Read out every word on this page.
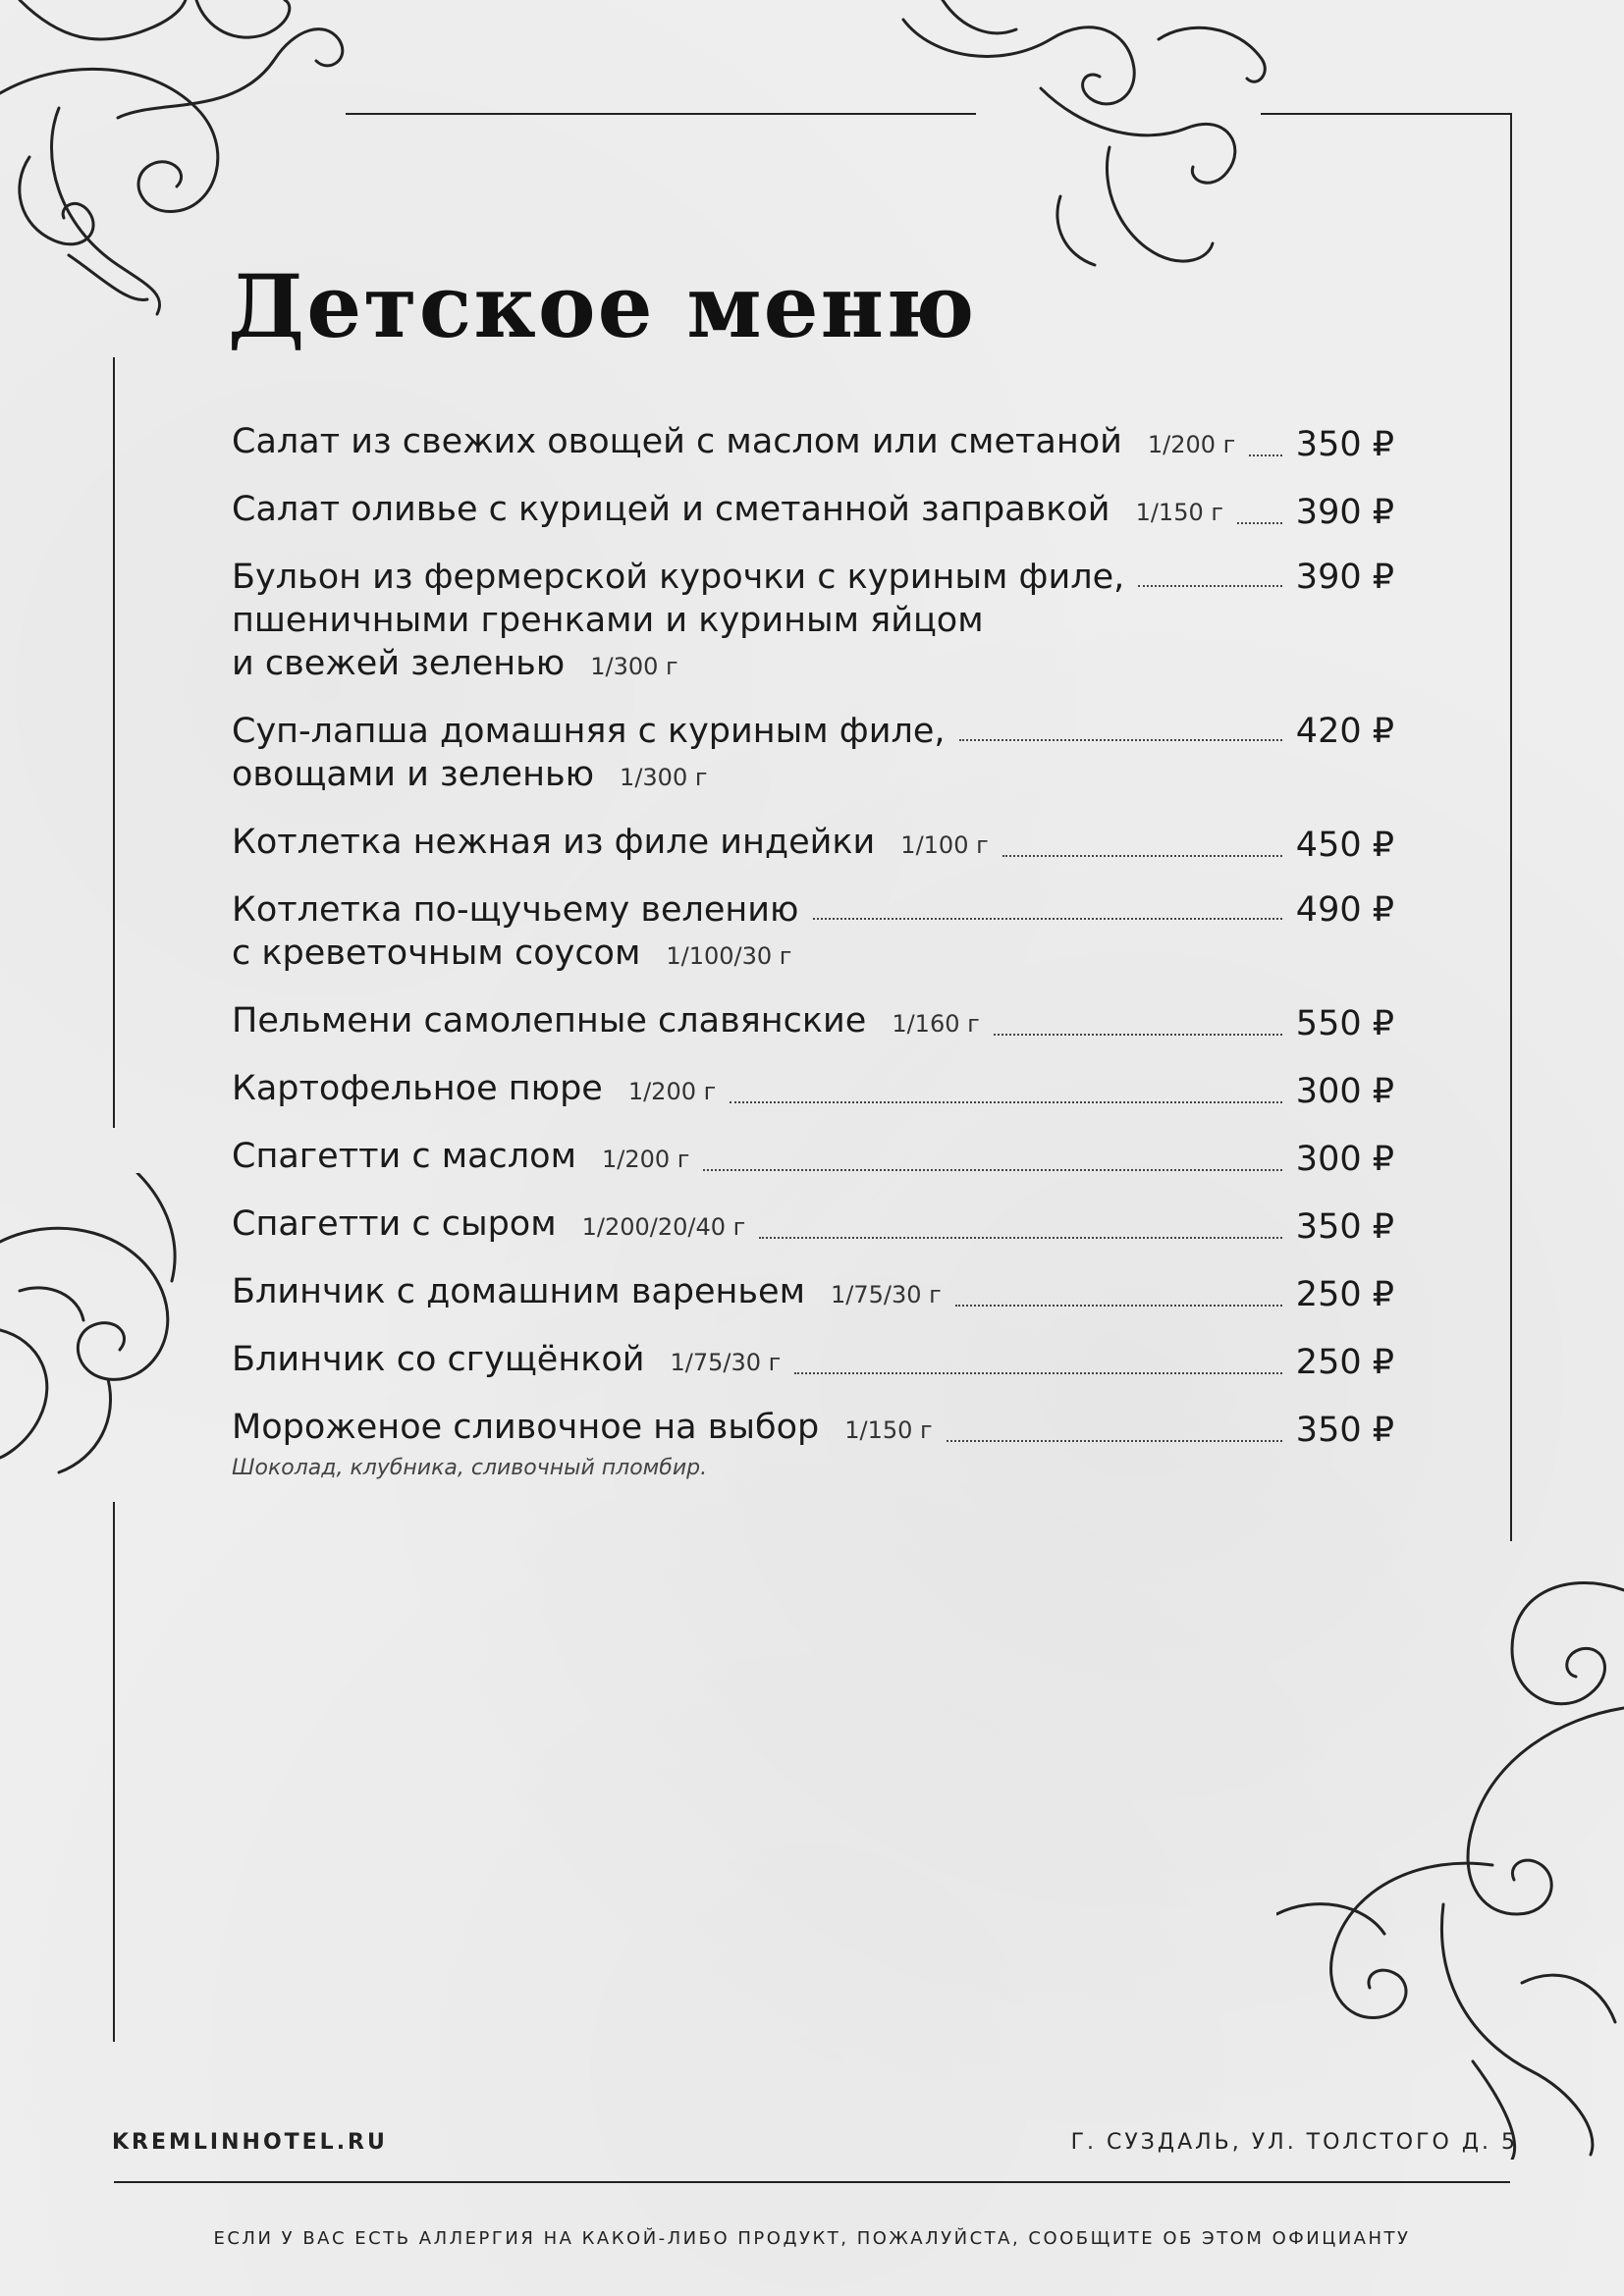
Детское меню
Салат из свежих овощей с маслом или сметаной 1/200 г 350 ₽
Салат оливье с курицей и сметанной заправкой 1/150 г 390 ₽
Бульон из фермерской курочки с куриным филе,
пшеничными гренками и куриным яйцом
и свежей зеленью 1/300 г
390 ₽
Суп-лапша домашняя с куриным филе,
овощами и зеленью 1/300 г
420 ₽
Котлетка нежная из филе индейки 1/100 г	450 ₽
Котлетка по-щучьему велению
с креветочным соусом 1/100/30 г
490 ₽
Пельмени самолепные славянские 1/160 г	550 ₽
Картофельное пюре 1/200 г	300 ₽
Спагетти с маслом 1/200 г	300 ₽
Спагетти с сыром 1/200/20/40 г	350 ₽
Блинчик с домашним вареньем 1/75/30 г	250 ₽
Блинчик со сгущёнкой 1/75/30 г	250 ₽
Мороженое сливочное на выбор 1/150 г	350 ₽
Шоколад, клубника, сливочный пломбир.
KREMLINHOTEL.RU	Г. СУЗДАЛЬ, УЛ. ТОЛСТОГО Д. 5
ЕСЛИ У ВАС ЕСТЬ АЛЛЕРГИЯ НА КАКОЙ-ЛИБО ПРОДУКТ, ПОЖАЛУЙСТА, СООБЩИТЕ ОБ ЭТОМ ОФИЦИАНТУ
